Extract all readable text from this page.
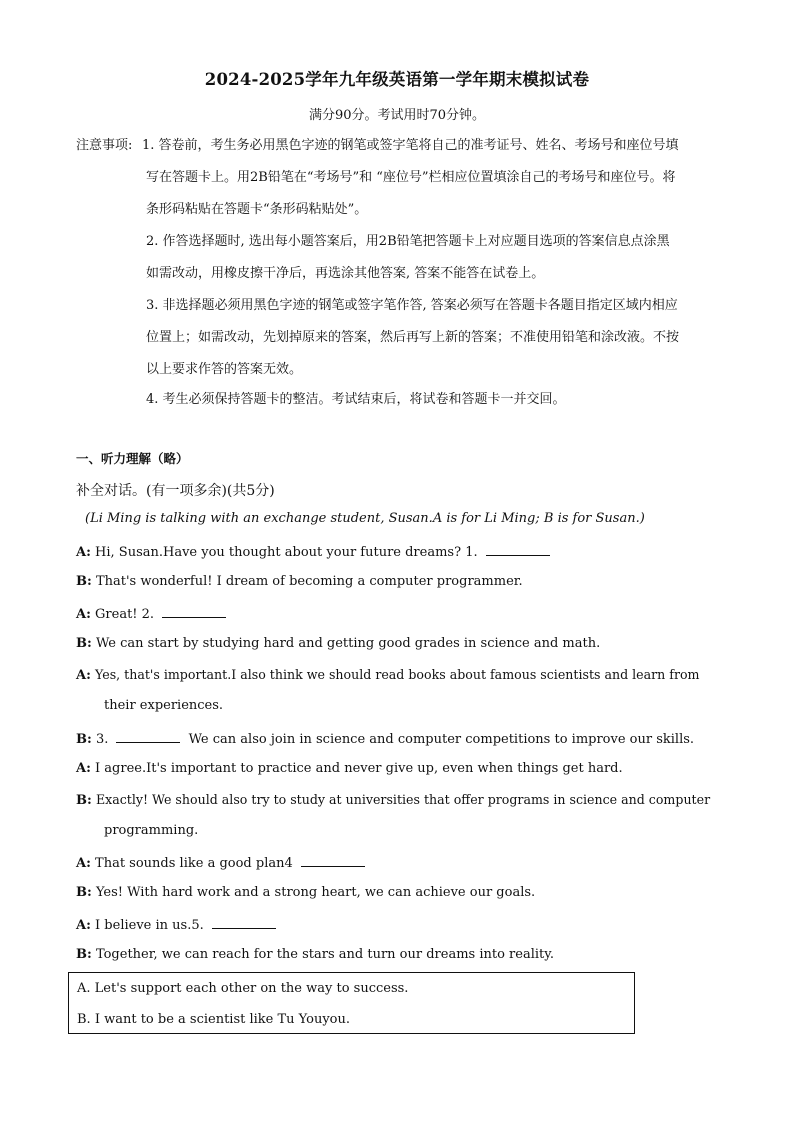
2024-2025学年九年级英语第一学年期末模拟试卷
满分90分。考试用时70分钟。
注意事项: 1. 答卷前，考生务必用黑色字迹的钢笔或签字笔将自己的准考证号、姓名、考场号和座位号填
写在答题卡上。用2B铅笔在“考场号”和 “座位号”栏相应位置填涂自己的考场号和座位号。将
条形码粘贴在答题卡“条形码粘贴处”。
2. 作答选择题时, 选出每小题答案后，用2B铅笔把答题卡上对应题目选项的答案信息点涂黑
如需改动，用橡皮擦干净后，再选涂其他答案, 答案不能答在试卷上。
3. 非选择题必须用黑色字迹的钢笔或签字笔作答, 答案必须写在答题卡各题目指定区域内相应
位置上；如需改动，先划掉原来的答案，然后再写上新的答案；不准使用铅笔和涂改液。不按
以上要求作答的答案无效。
4. 考生必须保持答题卡的整洁。考试结束后，将试卷和答题卡一并交回。
一、听力理解（略）
补全对话。(有一项多余)(共5分)
(Li Ming is talking with an exchange student, Susan.A is for Li Ming; B is for Susan.)
A: Hi, Susan.Have you thought about your future dreams? 1.
B: That's wonderful! I dream of becoming a computer programmer.
A: Great! 2.
B: We can start by studying hard and getting good grades in science and math.
A: Yes, that's important.I also think we should read books about famous scientists and learn from
their experiences.
B: 3.	We can also join in science and computer competitions to improve our skills.
A: I agree.It's important to practice and never give up, even when things get hard.
B: Exactly! We should also try to study at universities that offer programs in science and computer
programming.
A: That sounds like a good plan4
B: Yes! With hard work and a strong heart, we can achieve our goals.
A: I believe in us.5.
B: Together, we can reach for the stars and turn our dreams into reality.
A. Let's support each other on the way to success.
B. I want to be a scientist like Tu Youyou.
